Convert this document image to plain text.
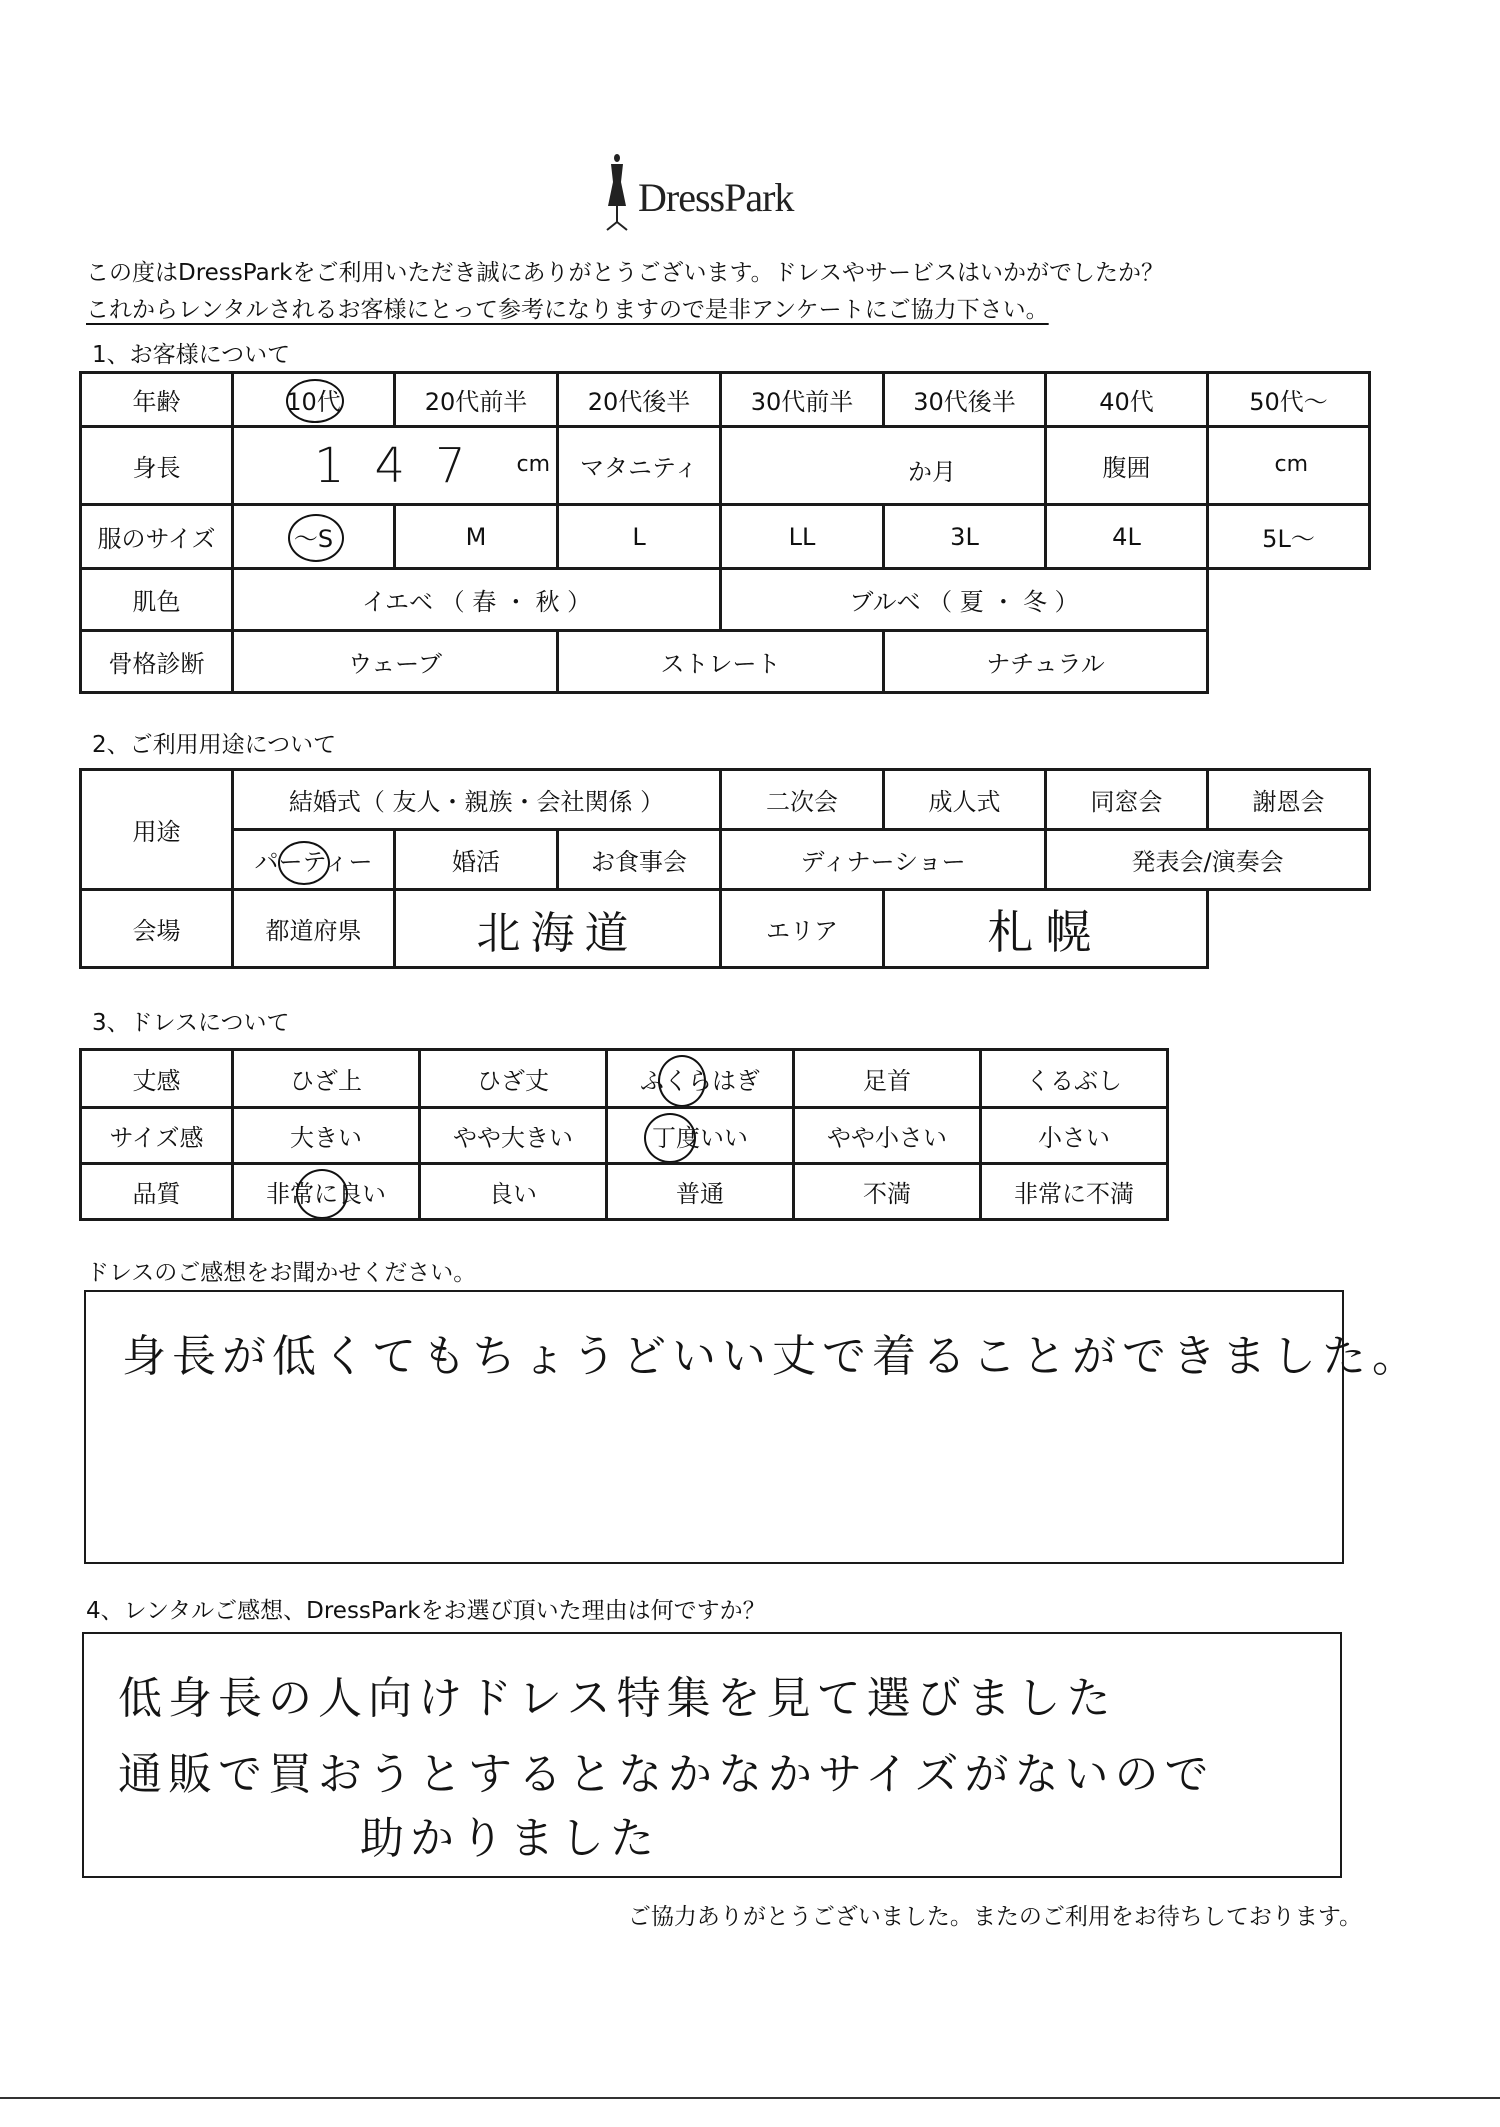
DressPark
この度はDressParkをご利用いただき誠にありがとうございます。ドレスやサービスはいかがでしたか？
これからレンタルされるお客様にとって参考になりますので是非アンケートにご協力下さい。
1、お客様について
年齢	10代	20代前半	20代後半	30代前半	30代後半	40代	50代～
身長	147 cm		マタニティ	か月		腹囲	cm

服のサイズ	～S	M	L	LL	3L	4L	5L～
肌色	イエベ （ 春 ・ 秋 ）			ブルベ （ 夏 ・ 冬 ）			
骨格診断	ウェーブ		ストレート		ナチュラル		
2、ご利用用途について
用途	結婚式（ 友人・親族・会社関係 ）			二次会	成人式	同窓会	謝恩会
	パーティー	婚活	お食事会	ディナーショー		発表会/演奏会	
会場	都道府県	北海道		エリア	札幌		
3、ドレスについて
丈感	ひざ上	ひざ丈	ふくらはぎ	足首	くるぶし
サイズ感	大きい	やや大きい	丁度いい	やや小さい	小さい
品質	非常に良い	良い	普通	不満	非常に不満
ドレスのご感想をお聞かせください。
身長が低くてもちょうどいい丈で着ることができました。
4、レンタルご感想、DressParkをお選び頂いた理由は何ですか？
低身長の人向けドレス特集を見て選びました
通販で買おうとするとなかなかサイズがないので
助かりました
ご協力ありがとうございました。またのご利用をお待ちしております。
